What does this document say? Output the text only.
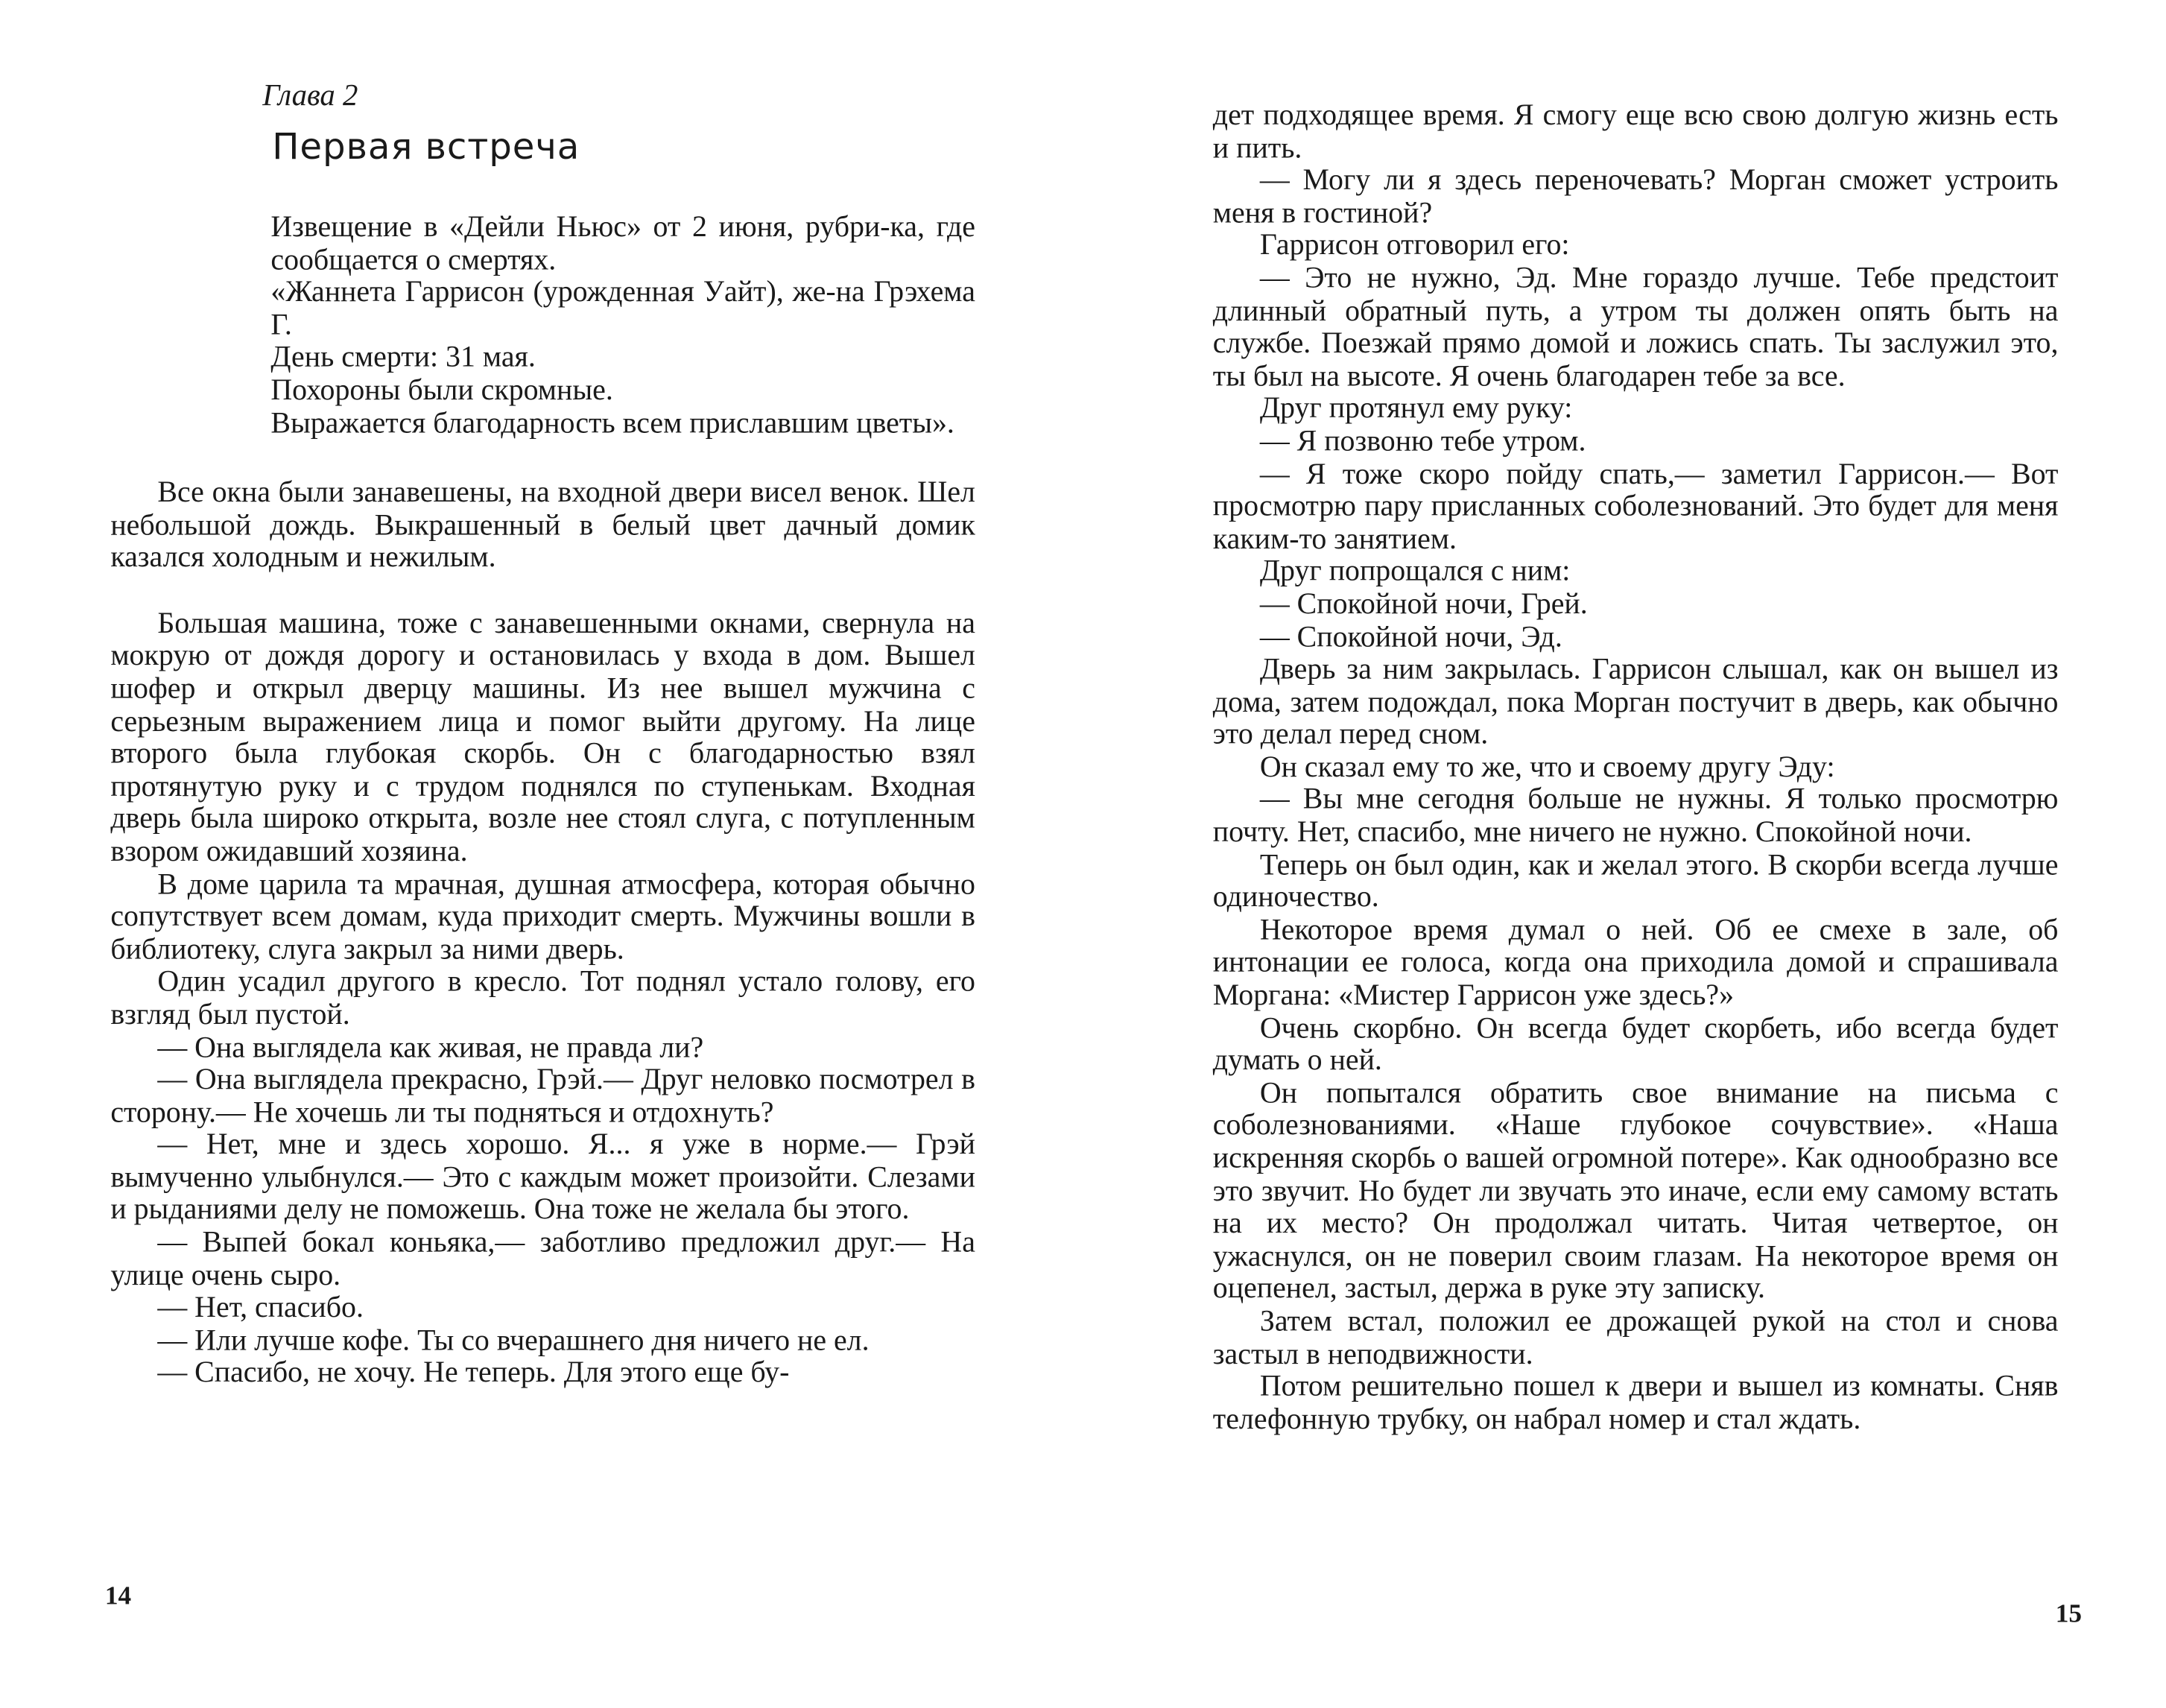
Глава 2
Первая встреча

Извещение в «Дейли Ньюс» от 2 июня, рубри-ка, где сообщается о смертях.

«Жаннета Гаррисон (урожденная Уайт), же-на Грэхема Г.

День смерти: 31 мая.

Похороны были скромные.

Выражается благодарность всем приславшим цветы».

Все окна были занавешены, на входной двери висел венок. Шел небольшой дождь. Выкрашенный в белый цвет дачный домик казался холодным и нежилым.

Большая машина, тоже с занавешенными окнами, свернула на мокрую от дождя дорогу и остановилась у входа в дом. Вышел шофер и открыл дверцу машины. Из нее вышел мужчина с серьезным выражением лица и помог выйти другому. На лице второго была глубокая скорбь. Он с благодарностью взял протянутую руку и с трудом поднялся по ступенькам. Входная дверь была широко открыта, возле нее стоял слуга, с потупленным взором ожидавший хозяина.

В доме царила та мрачная, душная атмосфера, которая обычно сопутствует всем домам, куда приходит смерть. Мужчины вошли в библиотеку, слуга закрыл за ними дверь.

Один усадил другого в кресло. Тот поднял устало голову, его взгляд был пустой.

— Она выглядела как живая, не правда ли?

— Она выглядела прекрасно, Грэй.— Друг неловко посмотрел в сторону.— Не хочешь ли ты подняться и отдохнуть?

— Нет, мне и здесь хорошо. Я... я уже в норме.— Грэй вымученно улыбнулся.— Это с каждым может произойти. Слезами и рыданиями делу не поможешь. Она тоже не желала бы этого.

— Выпей бокал коньяка,— заботливо предложил друг.— На улице очень сыро.

— Нет, спасибо.

— Или лучше кофе. Ты со вчерашнего дня ничего не ел.

— Спасибо, не хочу. Не теперь. Для этого еще бу-

14

дет подходящее время. Я смогу еще всю свою долгую жизнь есть и пить.

— Могу ли я здесь переночевать? Морган сможет устроить меня в гостиной?

Гаррисон отговорил его:

— Это не нужно, Эд. Мне гораздо лучше. Тебе предстоит длинный обратный путь, а утром ты должен опять быть на службе. Поезжай прямо домой и ложись спать. Ты заслужил это, ты был на высоте. Я очень благодарен тебе за все.

Друг протянул ему руку:

— Я позвоню тебе утром.

— Я тоже скоро пойду спать,— заметил Гаррисон.— Вот просмотрю пару присланных соболезнований. Это будет для меня каким-то занятием.

Друг попрощался с ним:

— Спокойной ночи, Грей.

— Спокойной ночи, Эд.

Дверь за ним закрылась. Гаррисон слышал, как он вышел из дома, затем подождал, пока Морган постучит в дверь, как обычно это делал перед сном.

Он сказал ему то же, что и своему другу Эду:

— Вы мне сегодня больше не нужны. Я только просмотрю почту. Нет, спасибо, мне ничего не нужно. Спокойной ночи.

Теперь он был один, как и желал этого. В скорби всегда лучше одиночество.

Некоторое время думал о ней. Об ее смехе в зале, об интонации ее голоса, когда она приходила домой и спрашивала Моргана: «Мистер Гаррисон уже здесь?»

Очень скорбно. Он всегда будет скорбеть, ибо всегда будет думать о ней.

Он попытался обратить свое внимание на письма с соболезнованиями. «Наше глубокое сочувствие». «Наша искренняя скорбь о вашей огромной потере». Как однообразно все это звучит. Но будет ли звучать это иначе, если ему самому встать на их место? Он продолжал читать. Читая четвертое, он ужаснулся, он не поверил своим глазам. На некоторое время он оцепенел, застыл, держа в руке эту записку.

Затем встал, положил ее дрожащей рукой на стол и снова застыл в неподвижности.

Потом решительно пошел к двери и вышел из комнаты. Сняв телефонную трубку, он набрал номер и стал ждать.

15
